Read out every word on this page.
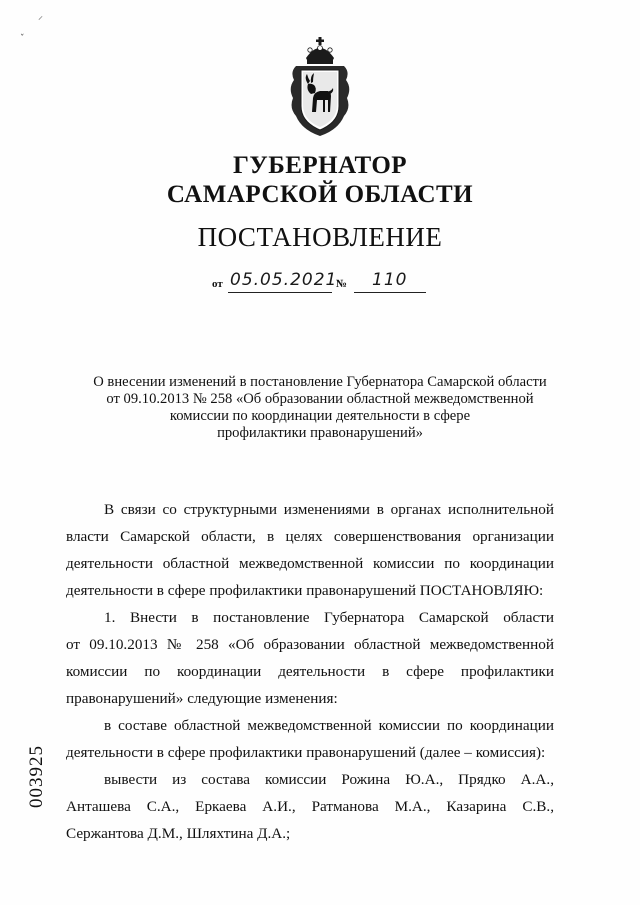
⸝
ˇ
ГУБЕРНАТОР
САМАРСКОЙ ОБЛАСТИ
ПОСТАНОВЛЕНИЕ
от 05.05.2021
№ 110
О внесении изменений в постановление Губернатора Самарской области
от 09.10.2013 № 258 «Об образовании областной межведомственной
комиссии по координации деятельности в сфере
профилактики правонарушений»
В связи со структурными изменениями в органах исполнительной
власти Самарской области, в целях совершенствования организации
деятельности областной межведомственной комиссии по координации
деятельности в сфере профилактики правонарушений ПОСТАНОВЛЯЮ:
1. Внести в постановление Губернатора Самарской области
от 09.10.2013 № 258 «Об образовании областной межведомственной
комиссии по координации деятельности в сфере профилактики
правонарушений» следующие изменения:
в составе областной межведомственной комиссии по координации
деятельности в сфере профилактики правонарушений (далее – комиссия):
вывести из состава комиссии Рожина Ю.А., Прядко А.А.,
Анташева С.А., Еркаева А.И., Ратманова М.А., Казарина С.В.,
Сержантова Д.М., Шляхтина Д.А.;
003925
